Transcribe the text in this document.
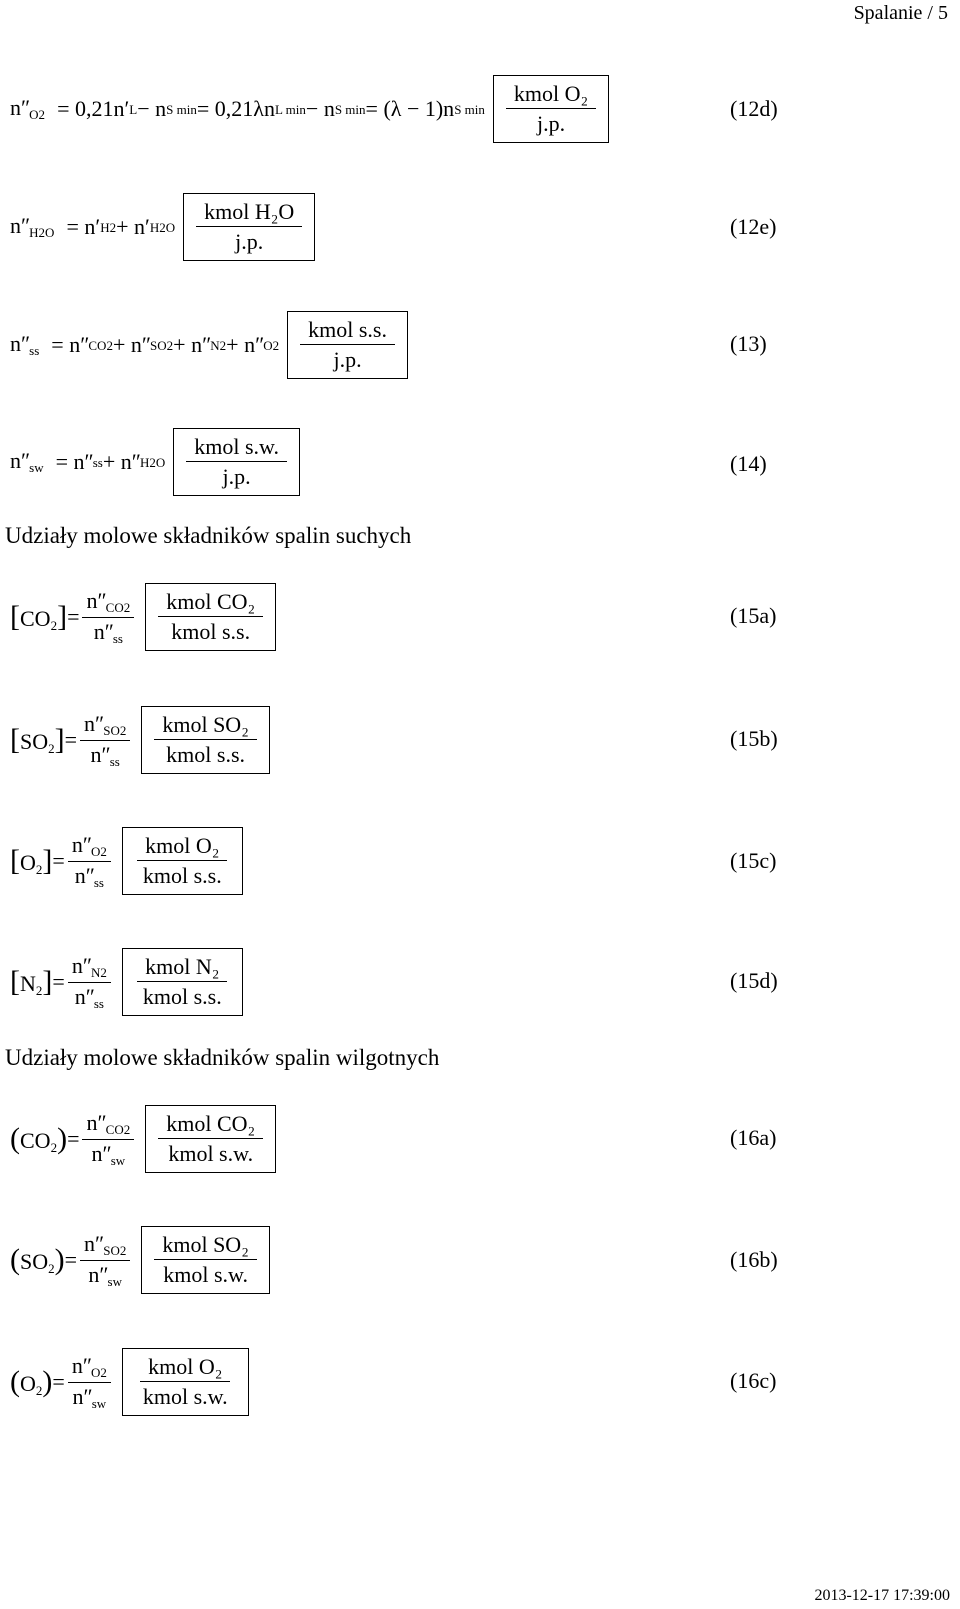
Spalanie / 5
$n''_{O2} = 0,21n'$ L − n S min = 0,21λn L min − n S min = (λ − 1)n S min
kmol O₂
j.p.
(12d)
$n''_{H2O} = n'$ H2 + n′ H2O
kmol H₂O
j.p.
(12e)
$n''_{ss} = n$ ″ CO2 + n ″ SO2 + n ″ N2 + n ″ O2
kmol s.s.
j.p.
(13)
$n''_{sw} = n$ ″ ss + n ″ H2O
kmol s.w.
j.p.
(14)
Udziały molowe składników spalin suchych
$[CO_2] = \frac{n''_{CO2}}{n''_{ss}}$	kmol CO₂
kmol s.s.
(15a)
$[SO_2] = \frac{n''_{SO2}}{n''_{ss}}$	kmol SO₂
kmol s.s.
(15b)
$[O_2] = \frac{n''_{O2}}{n''_{ss}}$	kmol O₂
kmol s.s.
(15c)
$[N_2] = \frac{n''_{N2}}{n''_{ss}}$	kmol N₂
kmol s.s.
(15d)
Udziały molowe składników spalin wilgotnych
$(CO_2) = \frac{n''_{CO2}}{n''_{sw}}$	kmol CO₂
kmol s.w.
(16a)
$(SO_2) = \frac{n''_{SO2}}{n''_{sw}}$	kmol SO₂
kmol s.w.
(16b)
$(O_2) = \frac{n''_{O2}}{n''_{sw}}$	kmol O₂
kmol s.w.
(16c)
2013-12-17 17:39:00
